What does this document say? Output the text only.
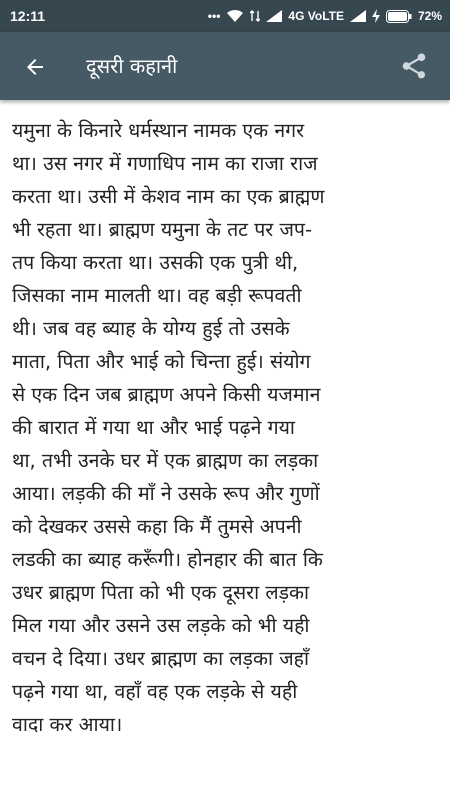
12:11	•••	4G VoLTE	72%
दूसरी कहानी
यमुना के किनारे धर्मस्थान नामक एक नगर
था। उस नगर में गणाधिप नाम का राजा राज
करता था। उसी में केशव नाम का एक ब्राह्मण
भी रहता था। ब्राह्मण यमुना के तट पर जप-
तप किया करता था। उसकी एक पुत्री थी,
जिसका नाम मालती था। वह बड़ी रूपवती
थी। जब वह ब्याह के योग्य हुई तो उसके
माता, पिता और भाई को चिन्ता हुई। संयोग
से एक दिन जब ब्राह्मण अपने किसी यजमान
की बारात में गया था और भाई पढ़ने गया
था, तभी उनके घर में एक ब्राह्मण का लड़का
आया। लड़की की माँ ने उसके रूप और गुणों
को देखकर उससे कहा कि मैं तुमसे अपनी
लडकी का ब्याह करूँगी। होनहार की बात कि
उधर ब्राह्मण पिता को भी एक दूसरा लड़का
मिल गया और उसने उस लड़के को भी यही
वचन दे दिया। उधर ब्राह्मण का लड़का जहाँ
पढ़ने गया था, वहाँ वह एक लड़के से यही
वादा कर आया।
